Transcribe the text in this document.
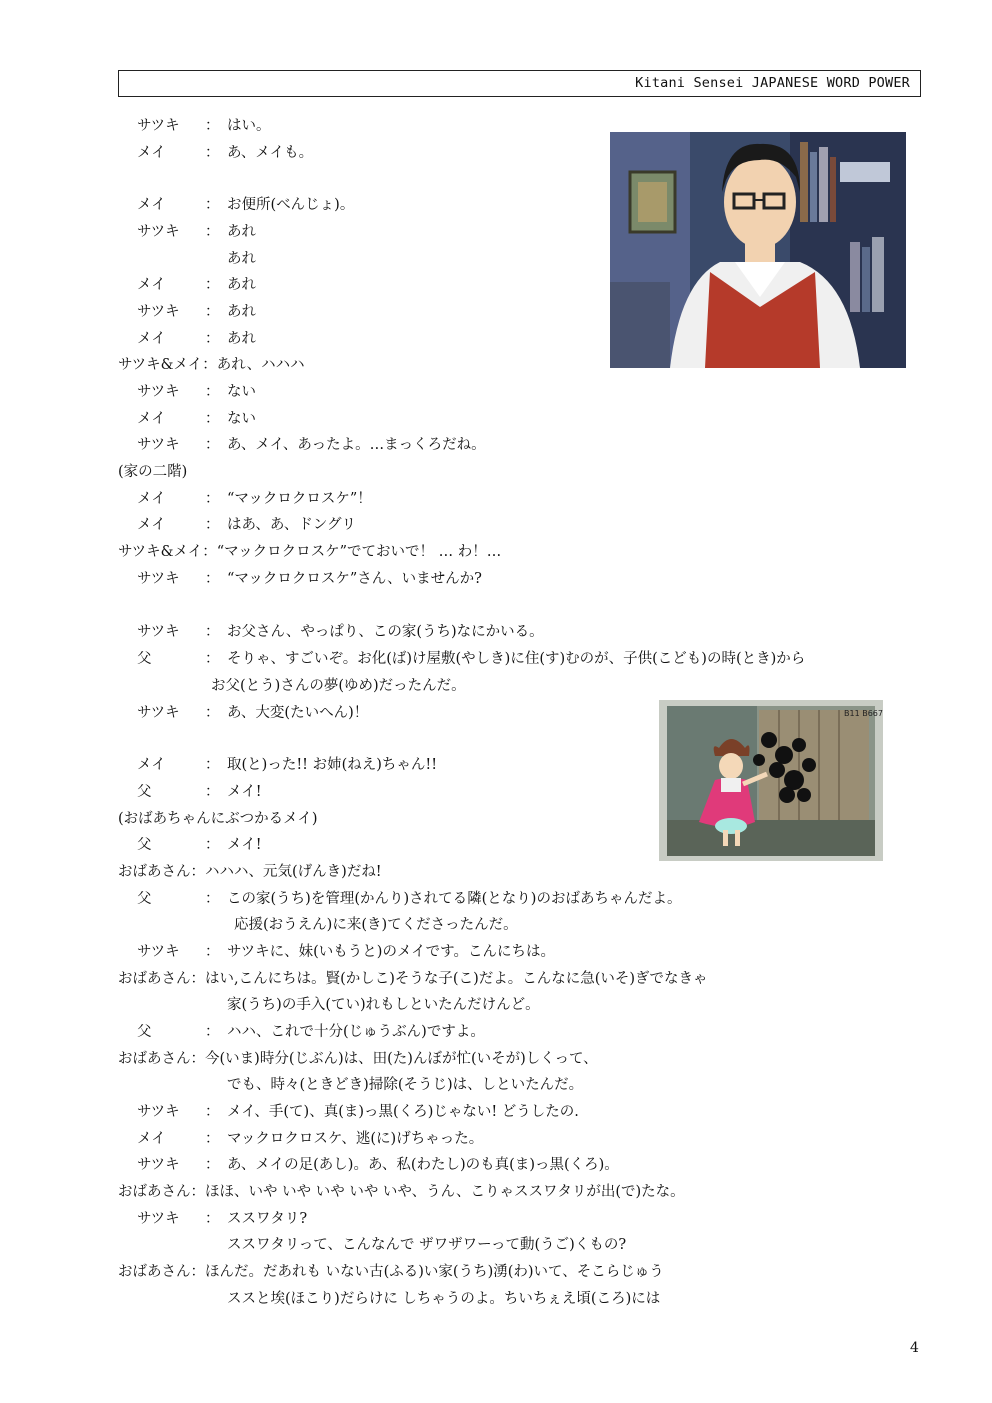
Kitani Sensei JAPANESE WORD POWER
B11 B667
サツキ ： はい。
メイ	： あ、メイも。
メイ	： お便所(べんじょ)。
サツキ ： あれ
あれ
メイ	： あれ
サツキ ： あれ
メイ	： あれ
サツキ&メイ：あれ、ハハハ
サツキ ： ない
メイ	： ない
サツキ ： あ、メイ、あったよ。…まっくろだね。
(家の二階)
メイ	： “マックロクロスケ”！
メイ	： はあ、あ、ドングリ
サツキ&メイ：“マックロクロスケ”でておいで！ … わ！…
サツキ ： “マックロクロスケ”さん、いませんか?
サツキ ： お父さん、やっぱり、この家(うち)なにかいる。
父	： そりゃ、すごいぞ。お化(ば)け屋敷(やしき)に住(す)むのが、子供(こども)の時(とき)から
お父(とう)さんの夢(ゆめ)だったんだ。
サツキ ： あ、大変(たいへん)！
メイ	： 取(と)った!! お姉(ねえ)ちゃん!!
父	： メイ!
(おばあちゃんにぶつかるメイ)
父	： メイ!
おばあさん：ハハハ、元気(げんき)だね!
父	： この家(うち)を管理(かんり)されてる隣(となり)のおばあちゃんだよ。
応援(おうえん)に来(き)てくださったんだ。
サツキ ： サツキに、妹(いもうと)のメイです。こんにちは。
おばあさん：はい,こんにちは。賢(かしこ)そうな子(こ)だよ。こんなに急(いそ)ぎでなきゃ
家(うち)の手入(てい)れもしといたんだけんど。
父	： ハハ、これで十分(じゅうぶん)ですよ。
おばあさん：今(いま)時分(じぶん)は、田(た)んぼが忙(いそが)しくって、
でも、時々(ときどき)掃除(そうじ)は、しといたんだ。
サツキ ： メイ、手(て)、真(ま)っ黒(くろ)じゃない! どうしたの.
メイ	： マックロクロスケ、逃(に)げちゃった。
サツキ ： あ、メイの足(あし)。あ、私(わたし)のも真(ま)っ黒(くろ)。
おばあさん：ほほ、いや いや いや いや いや、うん、こりゃススワタリが出(で)たな。
サツキ ： ススワタリ?
ススワタリって、こんなんで ザワザワーって動(うご)くもの?
おばあさん：ほんだ。だあれも いない古(ふる)い家(うち)湧(わ)いて、そこらじゅう
ススと埃(ほこり)だらけに しちゃうのよ。ちいちぇえ頃(ころ)には
4
